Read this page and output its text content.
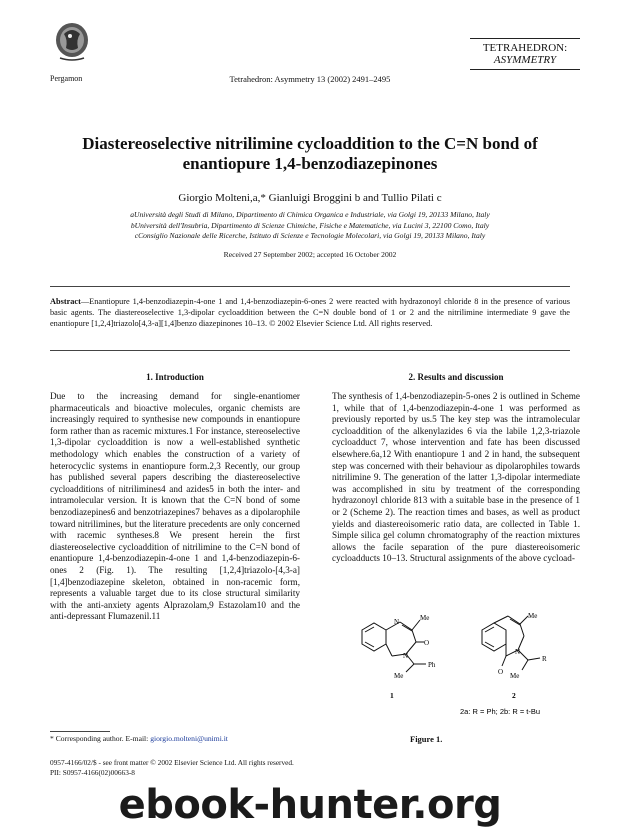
Pergamon	Tetrahedron: Asymmetry 13 (2002) 2491–2495
TETRAHEDRON:
ASYMMETRY
Diastereoselective nitrilimine cycloaddition to the C=N bond of
enantiopure 1,4-benzodiazepinones
Giorgio Molteni,a,* Gianluigi Broggini b and Tullio Pilati c
aUniversità degli Studi di Milano, Dipartimento di Chimica Organica e Industriale, via Golgi 19, 20133 Milano, Italy
bUniversità dell'Insubria, Dipartimento di Scienze Chimiche, Fisiche e Matematiche, via Lucini 3, 22100 Como, Italy
cConsiglio Nazionale delle Ricerche, Istituto di Scienze e Tecnologie Molecolari, via Golgi 19, 20133 Milano, Italy
Received 27 September 2002; accepted 16 October 2002
Abstract—Enantiopure 1,4-benzodiazepin-4-one 1 and 1,4-benzodiazepin-6-ones 2 were reacted with hydrazonoyl chloride 8 in the presence of various basic agents. The diastereoselective 1,3-dipolar cycloaddition between the C=N double bond of 1 or 2 and the nitrilimine intermediate 9 gave the enantiopure [1,2,4]triazolo[4,3-a][1,4]benzo diazepinones 10–13. © 2002 Elsevier Science Ltd. All rights reserved.
1. Introduction
Due to the increasing demand for single-enantiomer pharmaceuticals and bioactive molecules, organic chemists are increasingly required to synthesise new compounds in enantiopure form rather than as racemic mixtures.1 For instance, stereoselective 1,3-dipolar cycloaddition is now a well-established synthetic methodology which enables the construction of a variety of heterocyclic systems in enantiopure form.2,3 Recently, our group has published several papers describing the diastereoselective cycloadditions of nitrilimines4 and azides5 in both the inter- and intramolecular version. It is known that the C=N bond of some benzodiazepines6 and benzotriazepines7 behaves as a dipolarophile toward nitrilimines, but the literature precedents are only concerned with racemic syntheses.8 We present herein the first diastereoselective cycloaddition of nitrilimine to the C=N bond of enantiopure 1,4-benzodiazepin-4-one 1 and 1,4-benzodiazepin-6-ones 2 (Fig. 1). The resulting [1,2,4]triazolo-[4,3-a][1,4]benzodiazepine skeleton, obtained in non-racemic form, represents a valuable target due to its close structural similarity with the anti-anxiety agents Alprazolam,9 Estazolam10 and the anti-depressant Flumazenil.11
2. Results and discussion
The synthesis of 1,4-benzodiazepin-5-ones 2 is outlined in Scheme 1, while that of 1,4-benzodiazepin-4-one 1 was performed as previously reported by us.5 The key step was the intramolecular cycloaddition of the alkenylazides 6 via the labile 1,2,3-triazole cycloadduct 7, whose intervention and fate has been discussed elsewhere.6a,12 With enantiopure 1 and 2 in hand, the subsequent step was concerned with their behaviour as dipolarophiles towards nitrilimine 9. The generation of the latter 1,3-dipolar intermediate was accomplished in situ by treatment of the corresponding hydrazonoyl chloride 813 with a suitable base in the presence of 1 or 2 (Scheme 2). The reaction times and bases, as well as product yields and diastereoisomeric ratio data, are collected in Table 1. Simple silica gel column chromatography of the reaction mixtures allows the facile separation of the pure diastereoisomeric cycloadducts 10–13. Structural assignments of the above cycload-
N	Me
O
N
Ph
Me
1
Me
O
N
R
Me
2
2a: R = Ph; 2b: R = t-Bu
* Corresponding author. E-mail: giorgio.molteni@unimi.it	Figure 1.
0957-4166/02/$ - see front matter © 2002 Elsevier Science Ltd. All rights reserved.
PII: S0957-4166(02)00663-8
ebook-hunter.org
